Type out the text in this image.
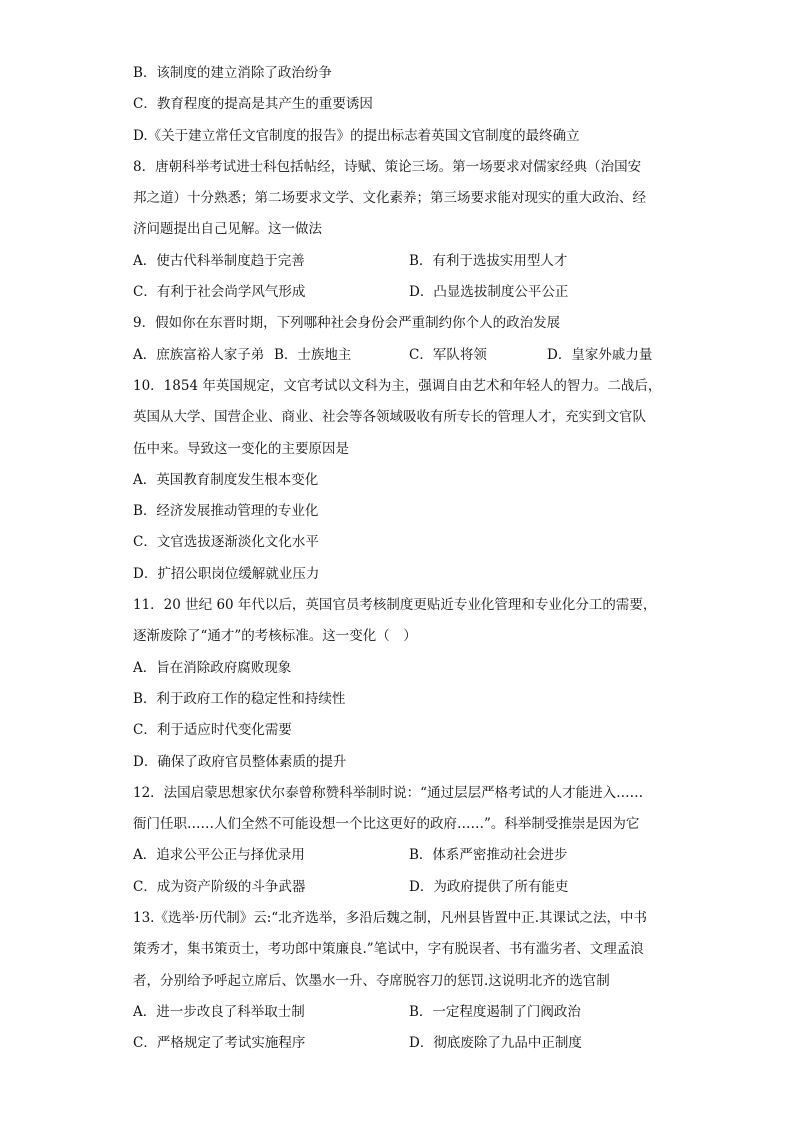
B．该制度的建立消除了政治纷争
C．教育程度的提高是其产生的重要诱因
D.《关于建立常任文官制度的报告》的提出标志着英国文官制度的最终确立
8．唐朝科举考试进士科包括帖经，诗赋、策论三场。第一场要求对儒家经典（治国安
邦之道）十分熟悉；第二场要求文学、文化素养；第三场要求能对现实的重大政治、经
济问题提出自己见解。这一做法
A．使古代科举制度趋于完善	B．有利于选拔实用型人才
C．有利于社会尚学风气形成	D．凸显选拔制度公平公正
9．假如你在东晋时期，下列哪种社会身份会严重制约你个人的政治发展
A．庶族富裕人家子弟 B．士族地主	C．军队将领	D．皇家外戚力量
10．1854 年英国规定，文官考试以文科为主，强调自由艺术和年轻人的智力。二战后，
英国从大学、国营企业、商业、社会等各领域吸收有所专长的管理人才，充实到文官队
伍中来。导致这一变化的主要原因是
A．英国教育制度发生根本变化
B．经济发展推动管理的专业化
C．文官选拔逐渐淡化文化水平
D．扩招公职岗位缓解就业压力
11．20 世纪 60 年代以后，英国官员考核制度更贴近专业化管理和专业化分工的需要，
逐渐废除了“通才”的考核标准。这一变化（　）
A．旨在消除政府腐败现象
B．利于政府工作的稳定性和持续性
C．利于适应时代变化需要
D．确保了政府官员整体素质的提升
12．法国启蒙思想家伏尔泰曾称赞科举制时说：“通过层层严格考试的人才能进入……
衙门任职……人们全然不可能设想一个比这更好的政府……”。科举制受推崇是因为它
A．追求公平公正与择优录用	B．体系严密推动社会进步
C．成为资产阶级的斗争武器	D．为政府提供了所有能吏
13.《选举·历代制》云:“北齐选举，多沿后魏之制，凡州县皆置中正.其课试之法，中书
策秀才，集书策贡士，考功郎中策廉良.”笔试中，字有脱误者、书有滥劣者、文理孟浪
者，分别给予呼起立席后、饮墨水一升、夺席脱容刀的惩罚.这说明北齐的选官制
A．进一步改良了科举取士制	B．一定程度遏制了门阀政治
C．严格规定了考试实施程序	D．彻底废除了九品中正制度
